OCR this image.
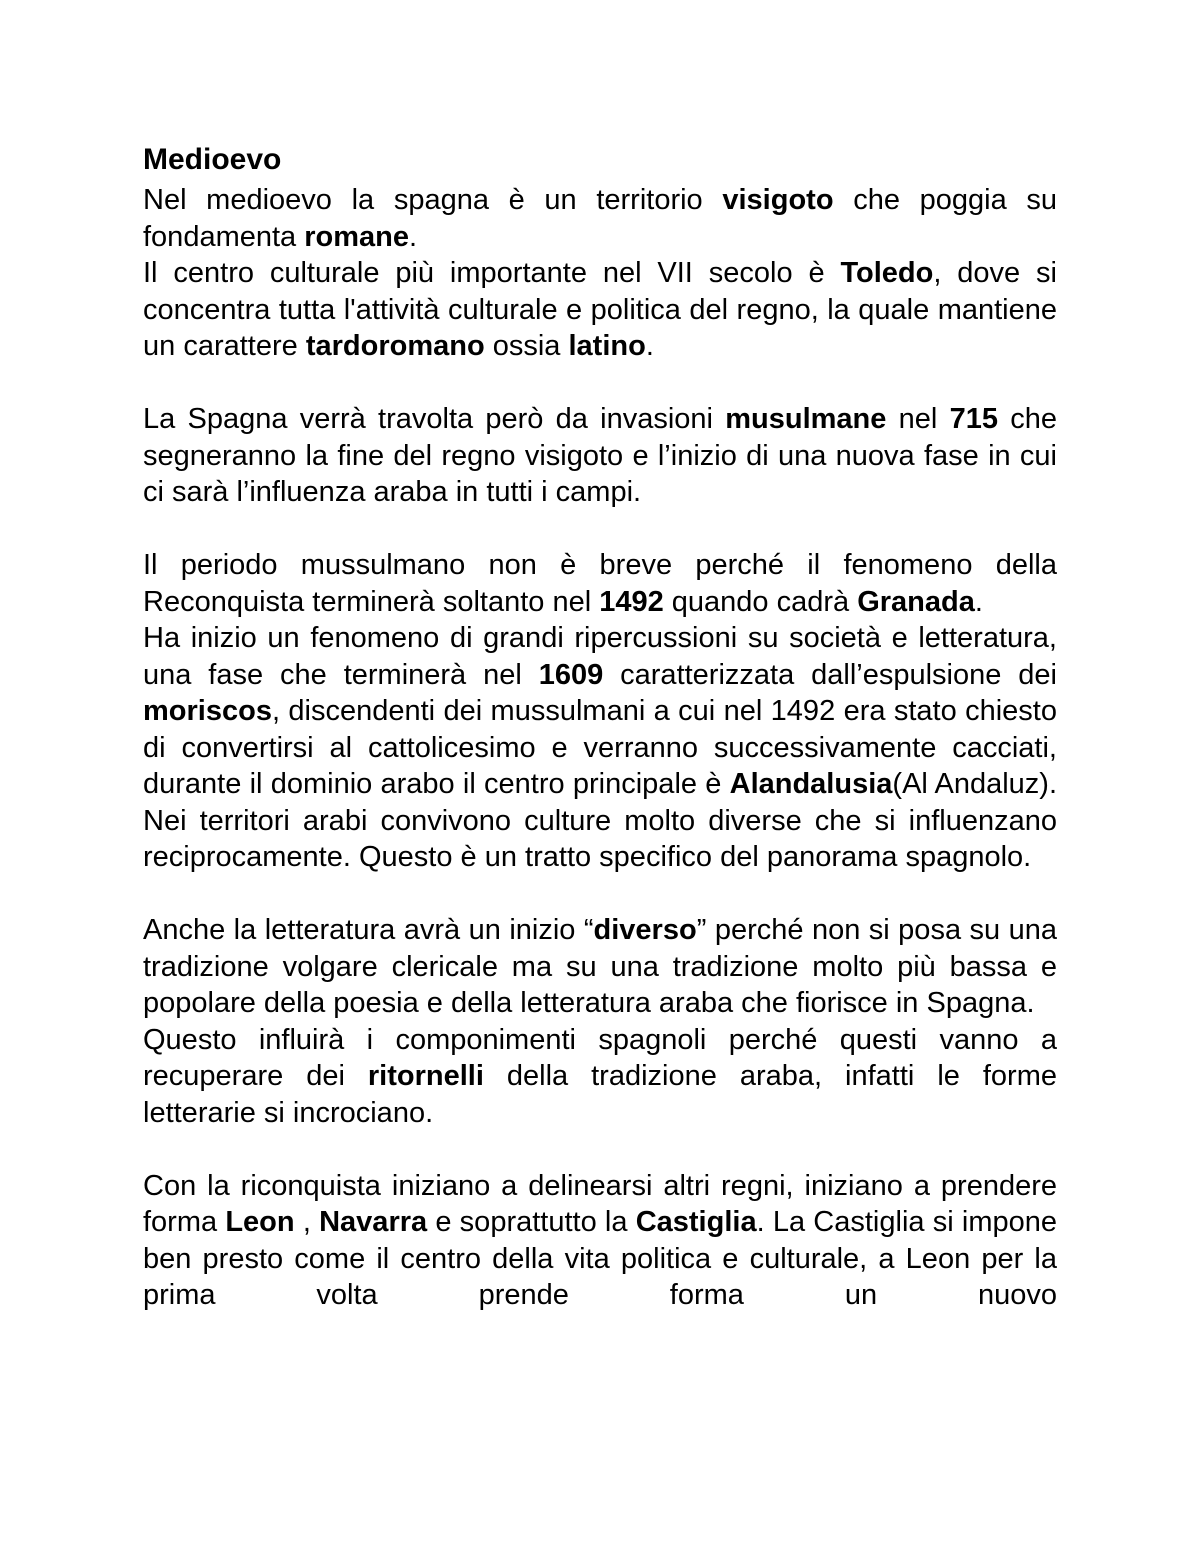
Medioevo

Nel medioevo la spagna è un territorio visigoto che poggia su fondamenta romane.

Il centro culturale più importante nel VII secolo è Toledo, dove si concentra tutta l'attività culturale e politica del regno, la quale mantiene un carattere tardoromano ossia latino.

La Spagna verrà travolta però da invasioni musulmane nel 715 che segneranno la fine del regno visigoto e l’inizio di una nuova fase in cui ci sarà l’influenza araba in tutti i campi.

Il periodo mussulmano non è breve perché il fenomeno della Reconquista terminerà soltanto nel 1492 quando cadrà Granada.

Ha inizio un fenomeno di grandi ripercussioni su società e letteratura, una fase che terminerà nel 1609 caratterizzata dall’espulsione dei moriscos, discendenti dei mussulmani a cui nel 1492 era stato chiesto di convertirsi al cattolicesimo e verranno successivamente cacciati, durante il dominio arabo il centro principale è Alandalusia(Al Andaluz). Nei territori arabi convivono culture molto diverse che si influenzano reciprocamente. Questo è un tratto specifico del panorama spagnolo.

Anche la letteratura avrà un inizio “diverso” perché non si posa su una tradizione volgare clericale ma su una tradizione molto più bassa e popolare della poesia e della letteratura araba che fiorisce in Spagna.

Questo influirà i componimenti spagnoli perché questi vanno a recuperare dei ritornelli della tradizione araba, infatti le forme letterarie si incrociano.

Con la riconquista iniziano a delinearsi altri regni, iniziano a prendere forma Leon , Navarra e soprattutto la Castiglia. La Castiglia si impone ben presto come il centro della vita politica e culturale, a Leon per la prima volta prende forma un nuovo
